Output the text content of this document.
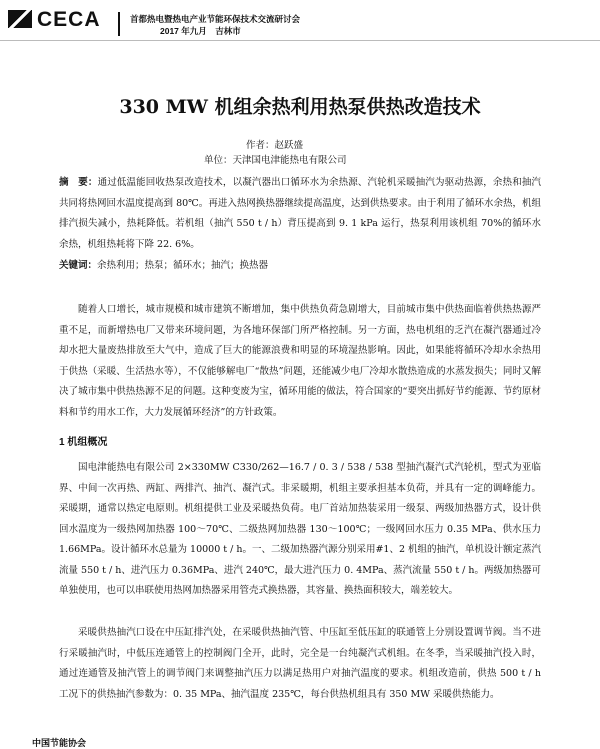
CECA	首都热电暨热电产业节能环保技术交流研讨会
2017 年九月　吉林市
330 MW 机组余热利用热泵供热改造技术
作者：赵跃盛
单位：天津国电津能热电有限公司
摘　要：通过低温能回收热泵改造技术，以凝汽器出口循环水为余热源、汽轮机采暖抽汽为驱动热源，余热和抽汽共同将热网回水温度提高到 80℃。再进入热网换热器继续提高温度，达到供热要求。由于利用了循环水余热，机组排汽损失减小，热耗降低。若机组（抽汽 550 t / h）背压提高到 9. 1 kPa 运行，热泵利用该机组 70%的循环水余热，机组热耗将下降 22. 6%。
关键词：余热利用；热泵；循环水；抽汽；换热器
随着人口增长，城市规模和城市建筑不断增加，集中供热负荷急剧增大，目前城市集中供热面临着供热热源严重不足，而新增热电厂又带来环境问题，为各地环保部门所严格控制。另一方面，热电机组的乏汽在凝汽器通过冷却水把大量废热排放至大气中，造成了巨大的能源浪费和明显的环境湿热影响。因此，如果能将循环冷却水余热用于供热（采暖、生活热水等），不仅能够解电厂“散热”问题，还能减少电厂冷却水散热造成的水蒸发损失；同时又解决了城市集中供热热源不足的问题。这种变废为宝，循环用能的做法，符合国家的“要突出抓好节约能源、节约原材料和节约用水工作，大力发展循环经济”的方针政策。
1 机组概况
国电津能热电有限公司 2×330MW C330/262—16.7 / 0. 3 / 538 / 538 型抽汽凝汽式汽轮机，型式为亚临界、中间一次再热、两缸、两排汽、抽汽、凝汽式。非采暖期，机组主要承担基本负荷，并具有一定的调峰能力。采暖期，通常以热定电原则。机组提供工业及采暖热负荷。电厂首站加热装采用一级泵、两级加热器方式，设计供回水温度为一级热网加热器 100～70℃、二级热网加热器 130～100℃；一级网回水压力 0.35 MPa、供水压力 1.66MPa。设计循环水总量为 10000 t / h。一、二级加热器汽源分别采用#1、2 机组的抽汽，单机设计额定蒸汽流量 550 t / h、进汽压力 0.36MPa、进汽 240℃，最大进汽压力 0. 4MPa、蒸汽流量 550 t / h。两级加热器可单独使用，也可以串联使用热网加热器采用管壳式换热器，其容量、换热面积较大，端差较大。
采暖供热抽汽口设在中压缸排汽处，在采暖供热抽汽管、中压缸至低压缸的联通管上分别设置调节阀。当不进行采暖抽汽时，中低压连通管上的控制阀门全开，此时，完全是一台纯凝汽式机组。在冬季，当采暖抽汽投入时，通过连通管及抽汽管上的调节阀门来调整抽汽压力以满足热用户对抽汽温度的要求。机组改造前，供热 500 t / h 工况下的供热抽汽参数为：0. 35 MPa、抽汽温度 235℃，每台供热机组具有 350 MW 采暖供热能力。
中国节能协会
